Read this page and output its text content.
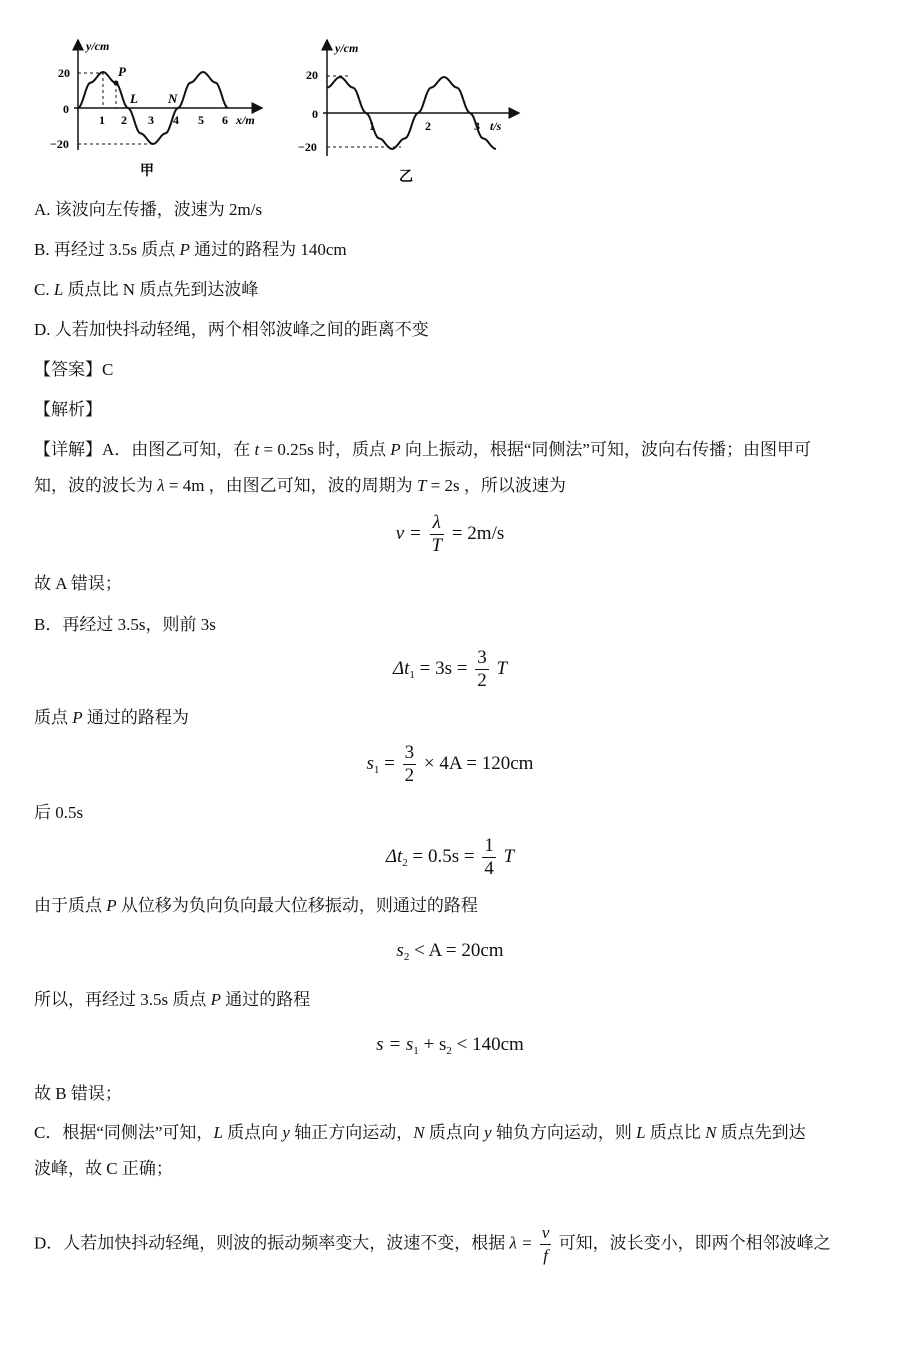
y/cm
x/m
20
0
−20
1 2 3 4 5 6
P
L N
甲
y/cm
t/s
20
0
−20
1	2	3
乙
A. 该波向左传播，波速为 2m/s
B. 再经过 3.5s 质点 P 通过的路程为 140cm
C. L 质点比 N 质点先到达波峰
D. 人若加快抖动轻绳，两个相邻波峰之间的距离不变
【答案】C
【解析】
【详解】A．由图乙可知，在 t = 0.25s 时，质点 P 向上振动，根据“同侧法”可知，波向右传播；由图甲可
知，波的波长为 λ = 4m ，由图乙可知，波的周期为 T = 2s ，所以波速为
$v = \frac{\lambda}{T} = 2m/s$
故 A 错误；
B．再经过 3.5s，则前 3s
$\Delta t_1 = 3s = \frac{3}{2}$ T
质点 P 通过的路程为
$s_1 = \frac{3}{2} \times 4A = 120cm$
后 0.5s
$\Delta t_2 = 0.5s = \frac{1}{4}$ T
由于质点 P 从位移为负向负向最大位移振动，则通过的路程
$s_2 < A = 20cm$
所以，再经过 3.5s 质点 P 通过的路程
$s = s_1 + s_2 < 140cm$
故 B 错误；
C．根据“同侧法”可知，L 质点向 y 轴正方向运动，N 质点向 y 轴负方向运动，则 L 质点比 N 质点先到达
波峰，故 C 正确；
D．人若加快抖动轻绳，则波的振动频率变大，波速不变，根据 $\lambda = \frac{v}{f}$ 可知，波长变小，即两个相邻波峰之
